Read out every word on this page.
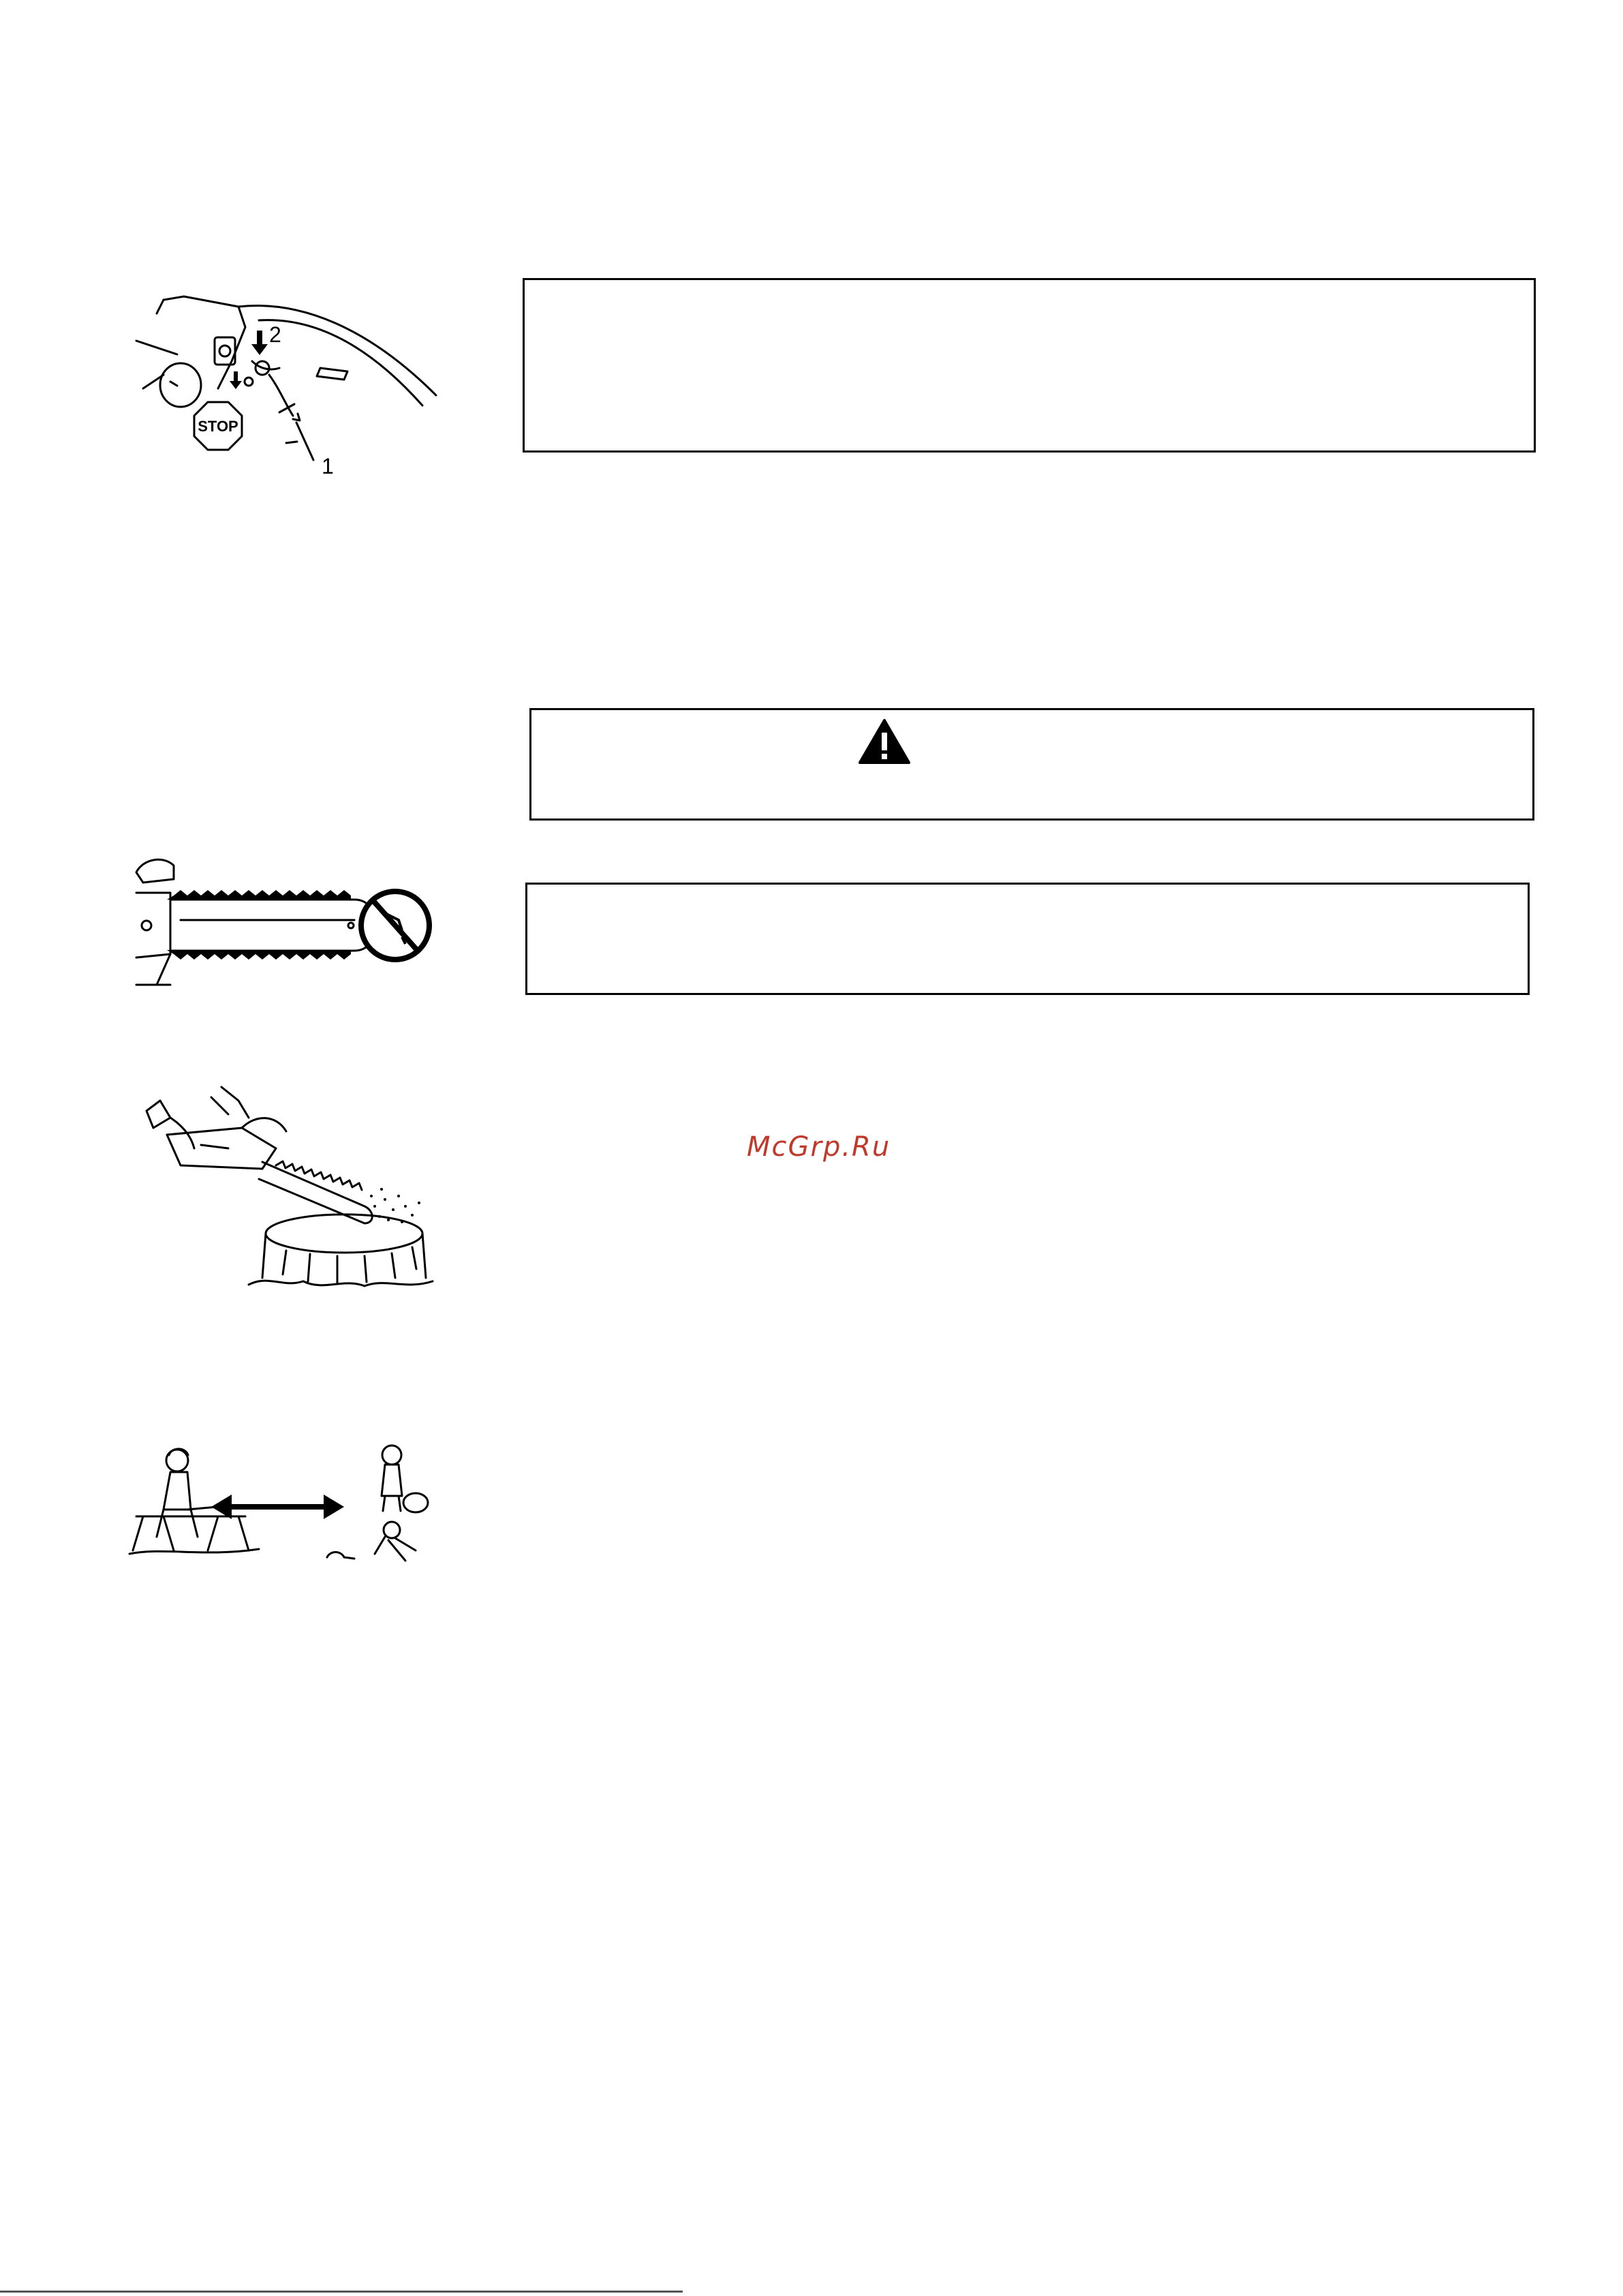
STOP
2
1
McGrp.Ru
